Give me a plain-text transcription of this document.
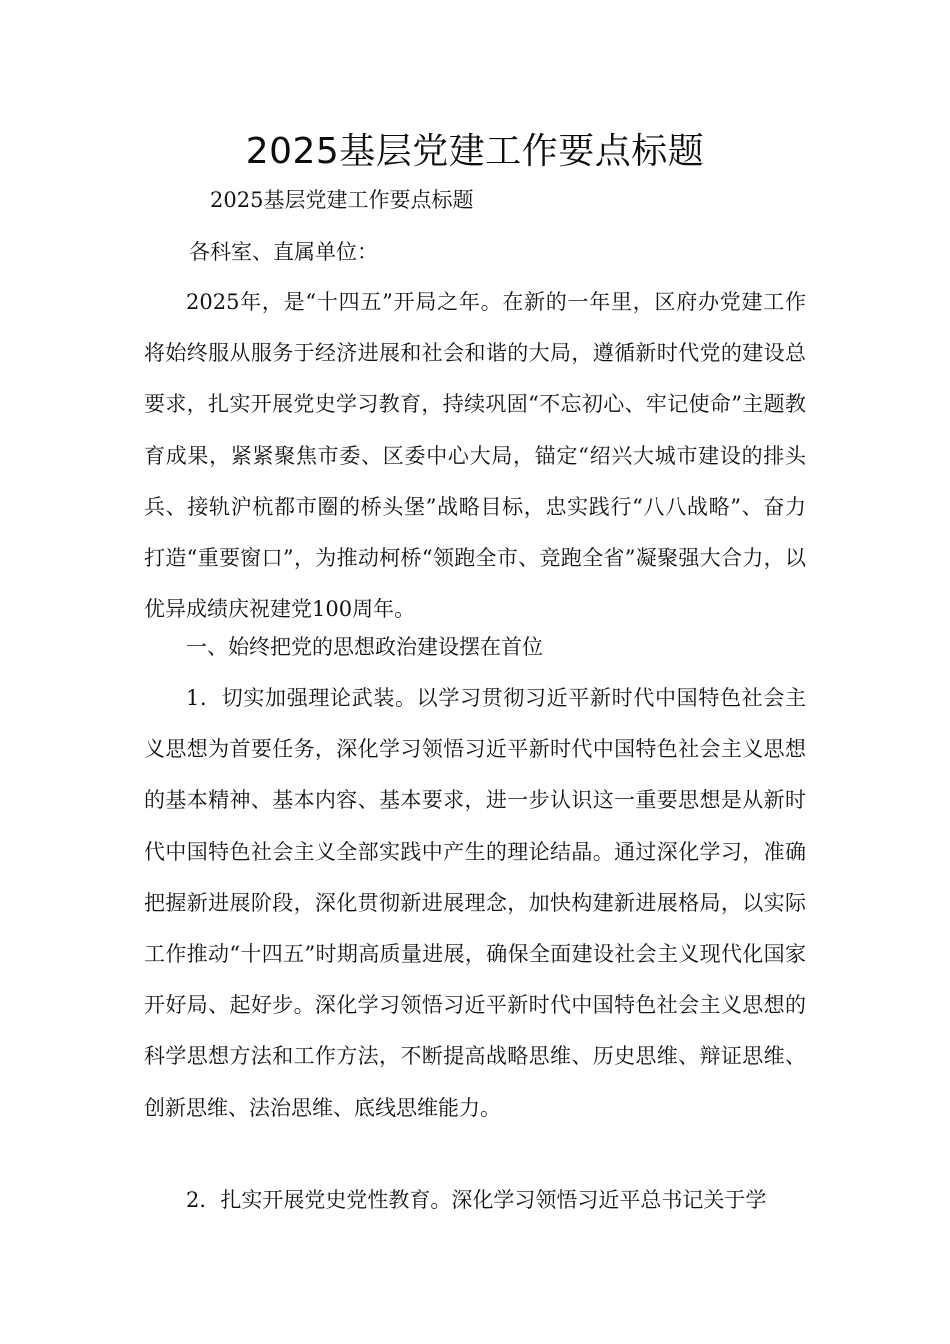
2025基层党建工作要点标题

2025基层党建工作要点标题

各科室、直属单位：

2025年，是“十四五”开局之年。在新的一年里，区府办党建工作将始终服从服务于经济进展和社会和谐的大局，遵循新时代党的建设总要求，扎实开展党史学习教育，持续巩固“不忘初心、牢记使命”主题教育成果，紧紧聚焦市委、区委中心大局，锚定“绍兴大城市建设的排头兵、接轨沪杭都市圈的桥头堡”战略目标，忠实践行“八八战略”、奋力打造“重要窗口”，为推动柯桥“领跑全市、竞跑全省”凝聚强大合力，以优异成绩庆祝建党100周年。

一、始终把党的思想政治建设摆在首位

1．切实加强理论武装。以学习贯彻习近平新时代中国特色社会主义思想为首要任务，深化学习领悟习近平新时代中国特色社会主义思想的基本精神、基本内容、基本要求，进一步认识这一重要思想是从新时代中国特色社会主义全部实践中产生的理论结晶。通过深化学习，准确把握新进展阶段，深化贯彻新进展理念，加快构建新进展格局，以实际工作推动“十四五”时期高质量进展，确保全面建设社会主义现代化国家开好局、起好步。深化学习领悟习近平新时代中国特色社会主义思想的科学思想方法和工作方法，不断提高战略思维、历史思维、辩证思维、创新思维、法治思维、底线思维能力。

2．扎实开展党史党性教育。深化学习领悟习近平总书记关于学
